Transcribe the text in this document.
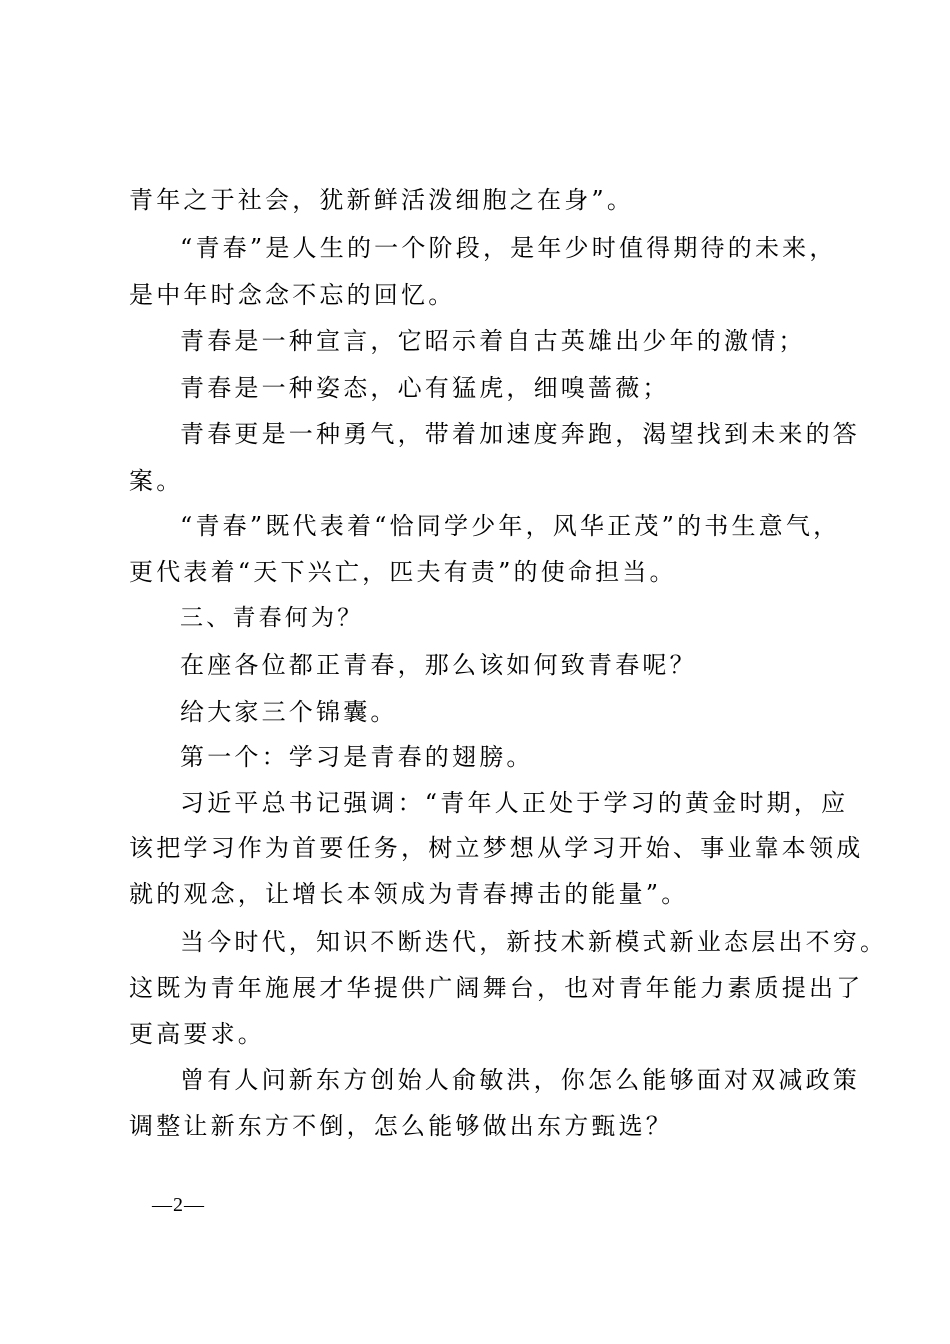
青年之于社会，犹新鲜活泼细胞之在身”。
“青春”是人生的一个阶段，是年少时值得期待的未来，
是中年时念念不忘的回忆。
青春是一种宣言，它昭示着自古英雄出少年的激情；
青春是一种姿态，心有猛虎，细嗅蔷薇；
青春更是一种勇气，带着加速度奔跑，渴望找到未来的答
案。
“青春”既代表着“恰同学少年，风华正茂”的书生意气，
更代表着“天下兴亡，匹夫有责”的使命担当。
三、青春何为？
在座各位都正青春，那么该如何致青春呢？
给大家三个锦囊。
第一个：学习是青春的翅膀。
习近平总书记强调：“青年人正处于学习的黄金时期，应
该把学习作为首要任务，树立梦想从学习开始、事业靠本领成
就的观念，让增长本领成为青春搏击的能量”。
当今时代，知识不断迭代，新技术新模式新业态层出不穷。
这既为青年施展才华提供广阔舞台，也对青年能力素质提出了
更高要求。
曾有人问新东方创始人俞敏洪，你怎么能够面对双减政策
调整让新东方不倒，怎么能够做出东方甄选？
—2—
